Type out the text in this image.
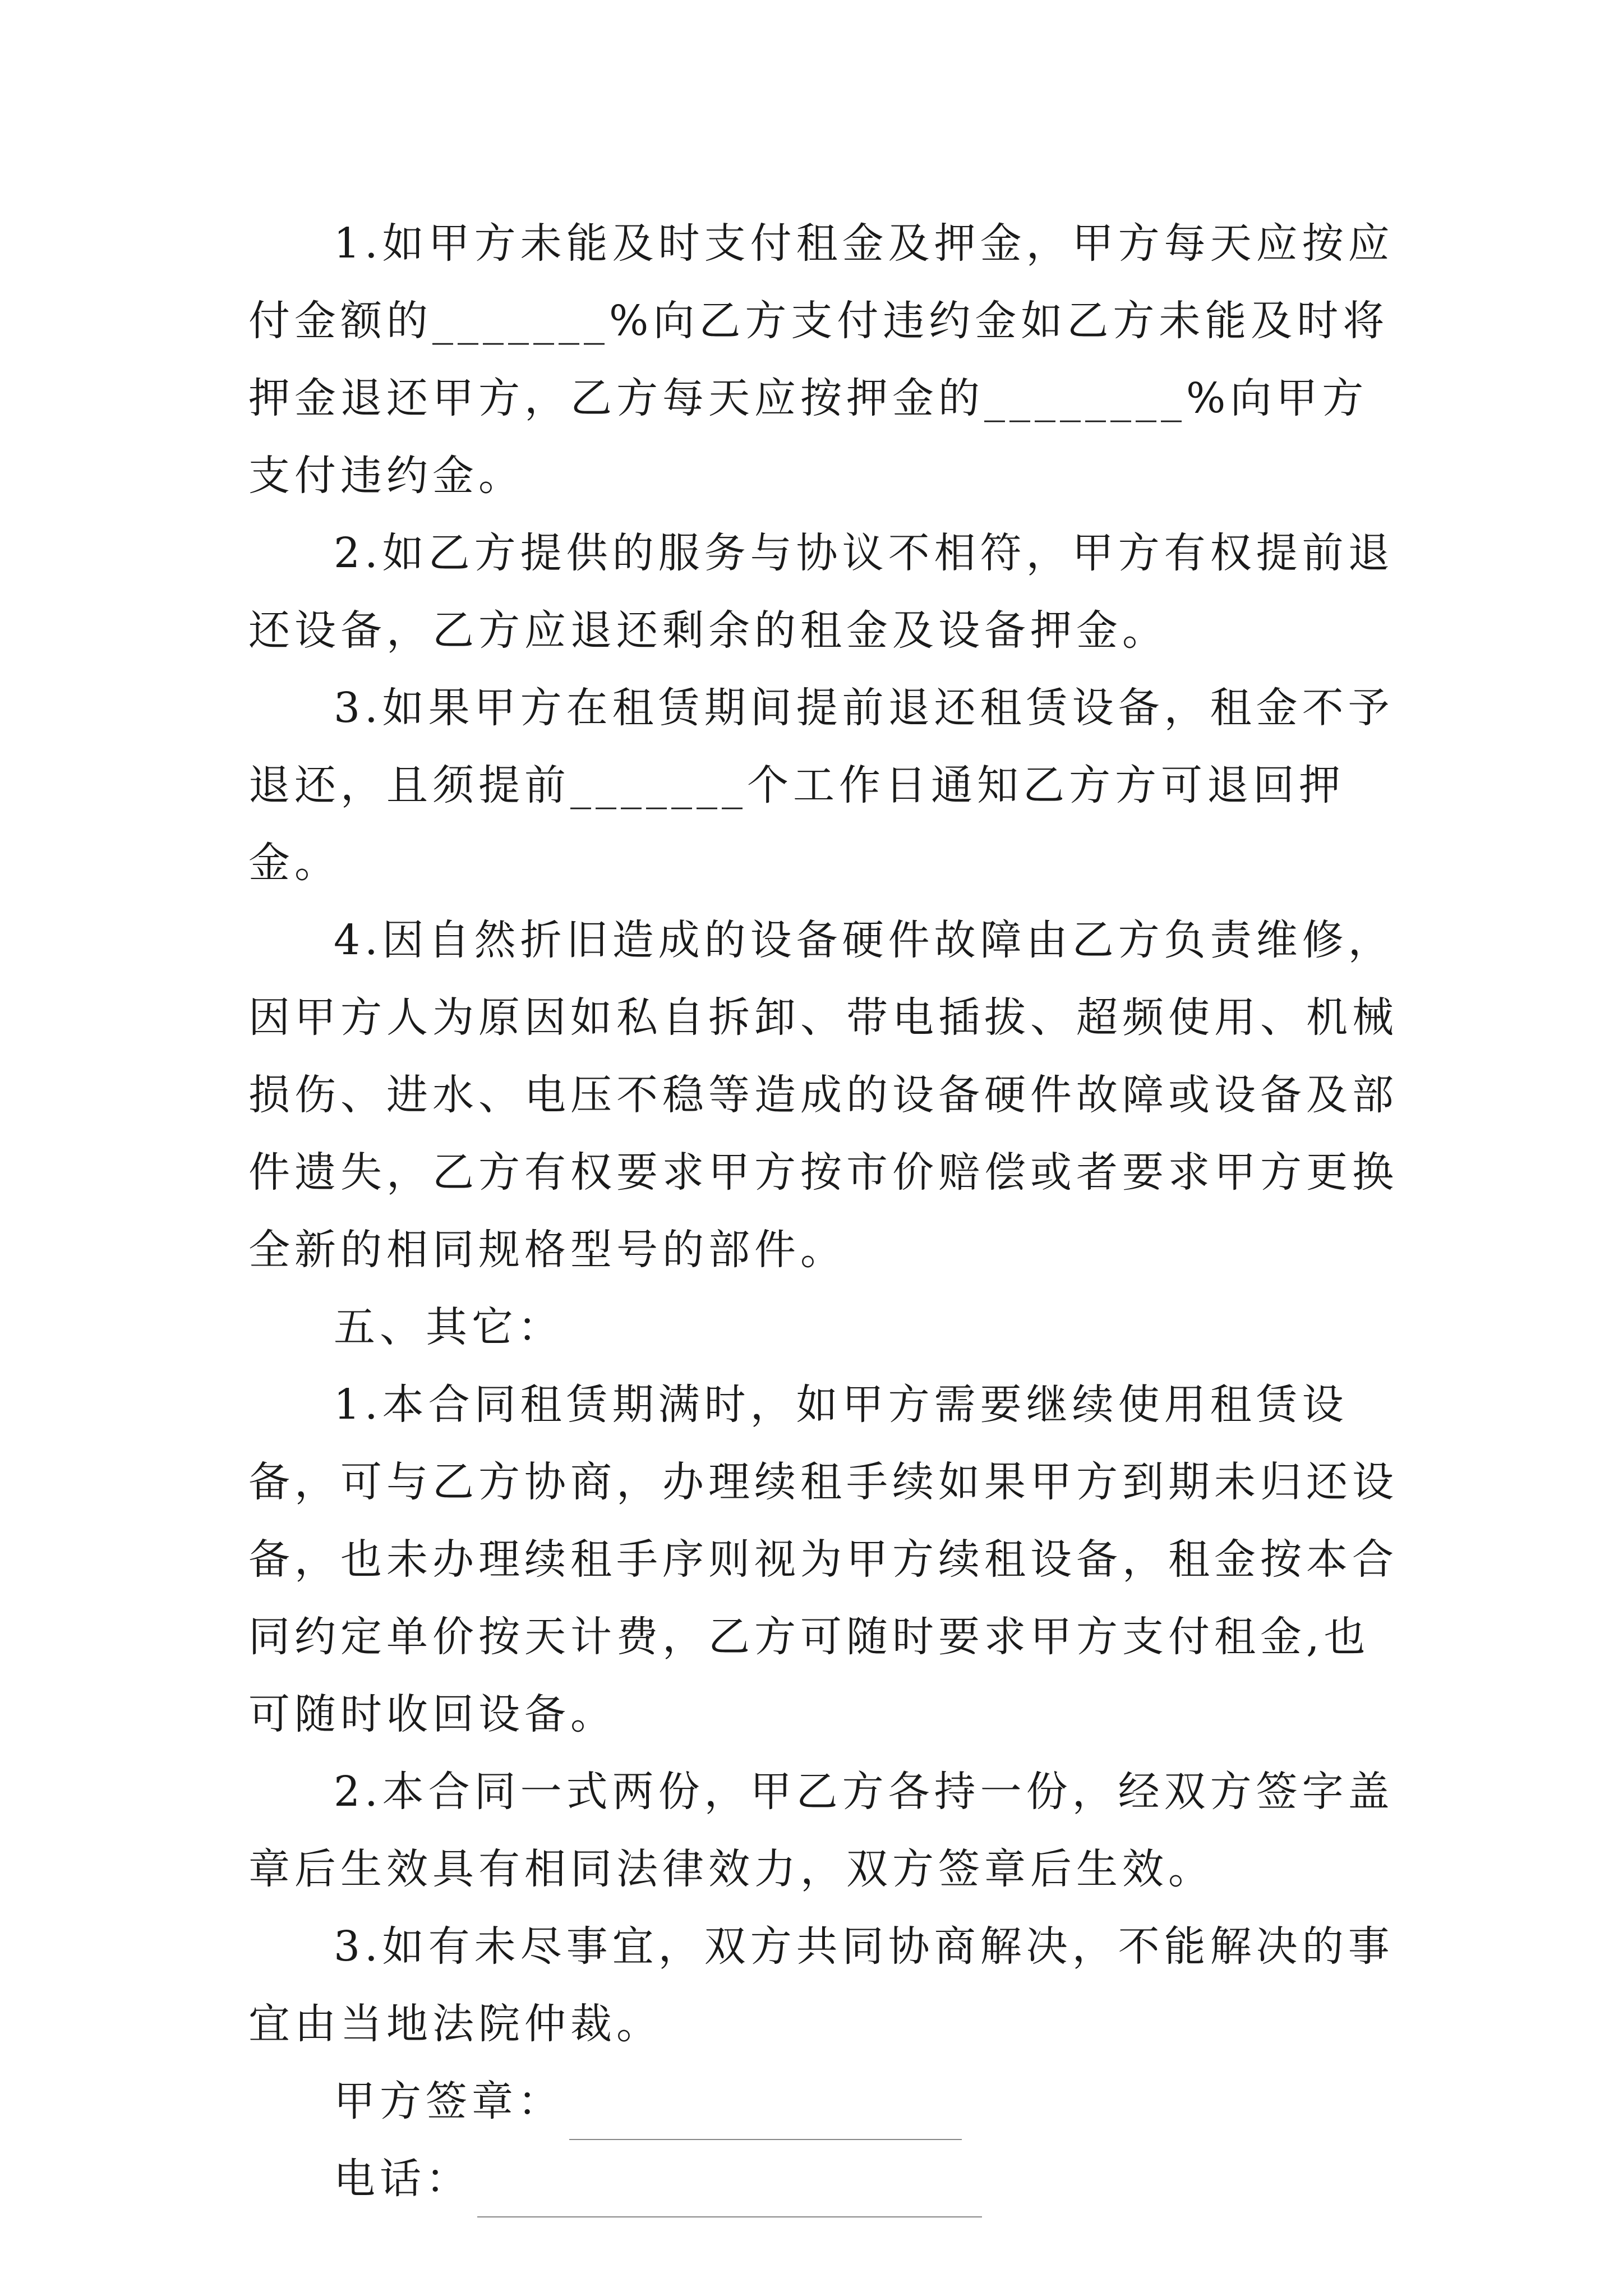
1.如甲方未能及时支付租金及押金，甲方每天应按应付金额的_______%向乙方支付违约金如乙方未能及时将押金退还甲方，乙方每天应按押金的________%向甲方支付违约金。

2.如乙方提供的服务与协议不相符，甲方有权提前退还设备，乙方应退还剩余的租金及设备押金。

3.如果甲方在租赁期间提前退还租赁设备，租金不予退还，且须提前_______个工作日通知乙方方可退回押金。

4.因自然折旧造成的设备硬件故障由乙方负责维修，因甲方人为原因如私自拆卸、带电插拔、超频使用、机械损伤、进水、电压不稳等造成的设备硬件故障或设备及部件遗失，乙方有权要求甲方按市价赔偿或者要求甲方更换全新的相同规格型号的部件。

五、其它：

1.本合同租赁期满时，如甲方需要继续使用租赁设备，可与乙方协商，办理续租手续如果甲方到期未归还设备，也未办理续租手序则视为甲方续租设备，租金按本合同约定单价按天计费，乙方可随时要求甲方支付租金,也可随时收回设备。

2.本合同一式两份，甲乙方各持一份，经双方签字盖章后生效具有相同法律效力，双方签章后生效。

3.如有未尽事宜，双方共同协商解决，不能解决的事宜由当地法院仲裁。

甲方签章：
电话：
